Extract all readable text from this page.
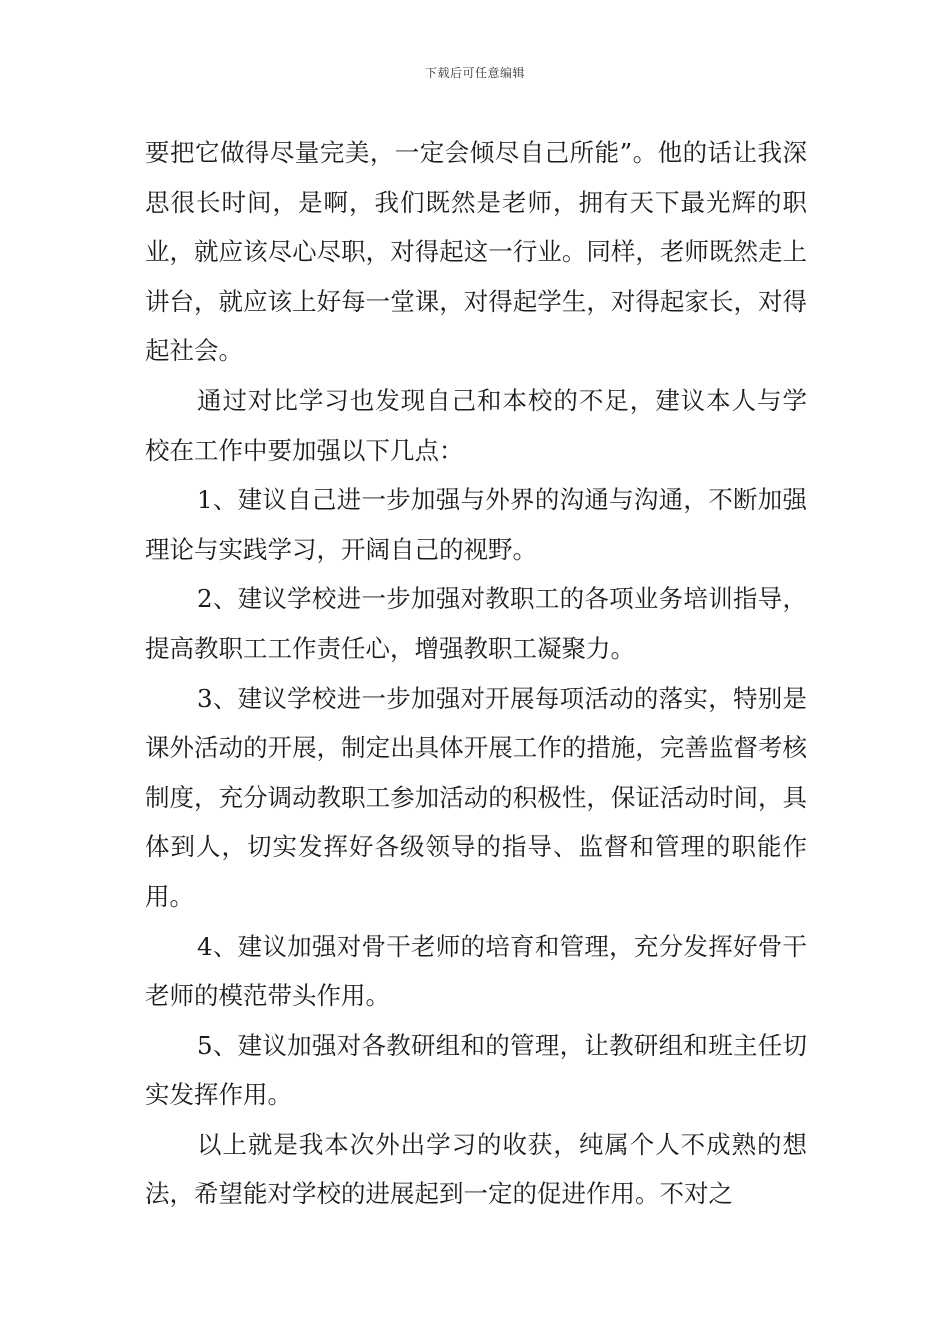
下载后可任意编辑

要把它做得尽量完美，一定会倾尽自己所能”。他的话让我深思很长时间，是啊，我们既然是老师，拥有天下最光辉的职业，就应该尽心尽职，对得起这一行业。同样，老师既然走上讲台，就应该上好每一堂课，对得起学生，对得起家长，对得起社会。

通过对比学习也发现自己和本校的不足，建议本人与学校在工作中要加强以下几点：

1、建议自己进一步加强与外界的沟通与沟通，不断加强理论与实践学习，开阔自己的视野。

2、建议学校进一步加强对教职工的各项业务培训指导，提高教职工工作责任心，增强教职工凝聚力。

3、建议学校进一步加强对开展每项活动的落实，特别是课外活动的开展，制定出具体开展工作的措施，完善监督考核制度，充分调动教职工参加活动的积极性，保证活动时间，具体到人，切实发挥好各级领导的指导、监督和管理的职能作用。

4、建议加强对骨干老师的培育和管理，充分发挥好骨干老师的模范带头作用。

5、建议加强对各教研组和的管理，让教研组和班主任切实发挥作用。

以上就是我本次外出学习的收获，纯属个人不成熟的想法，希望能对学校的进展起到一定的促进作用。不对之
